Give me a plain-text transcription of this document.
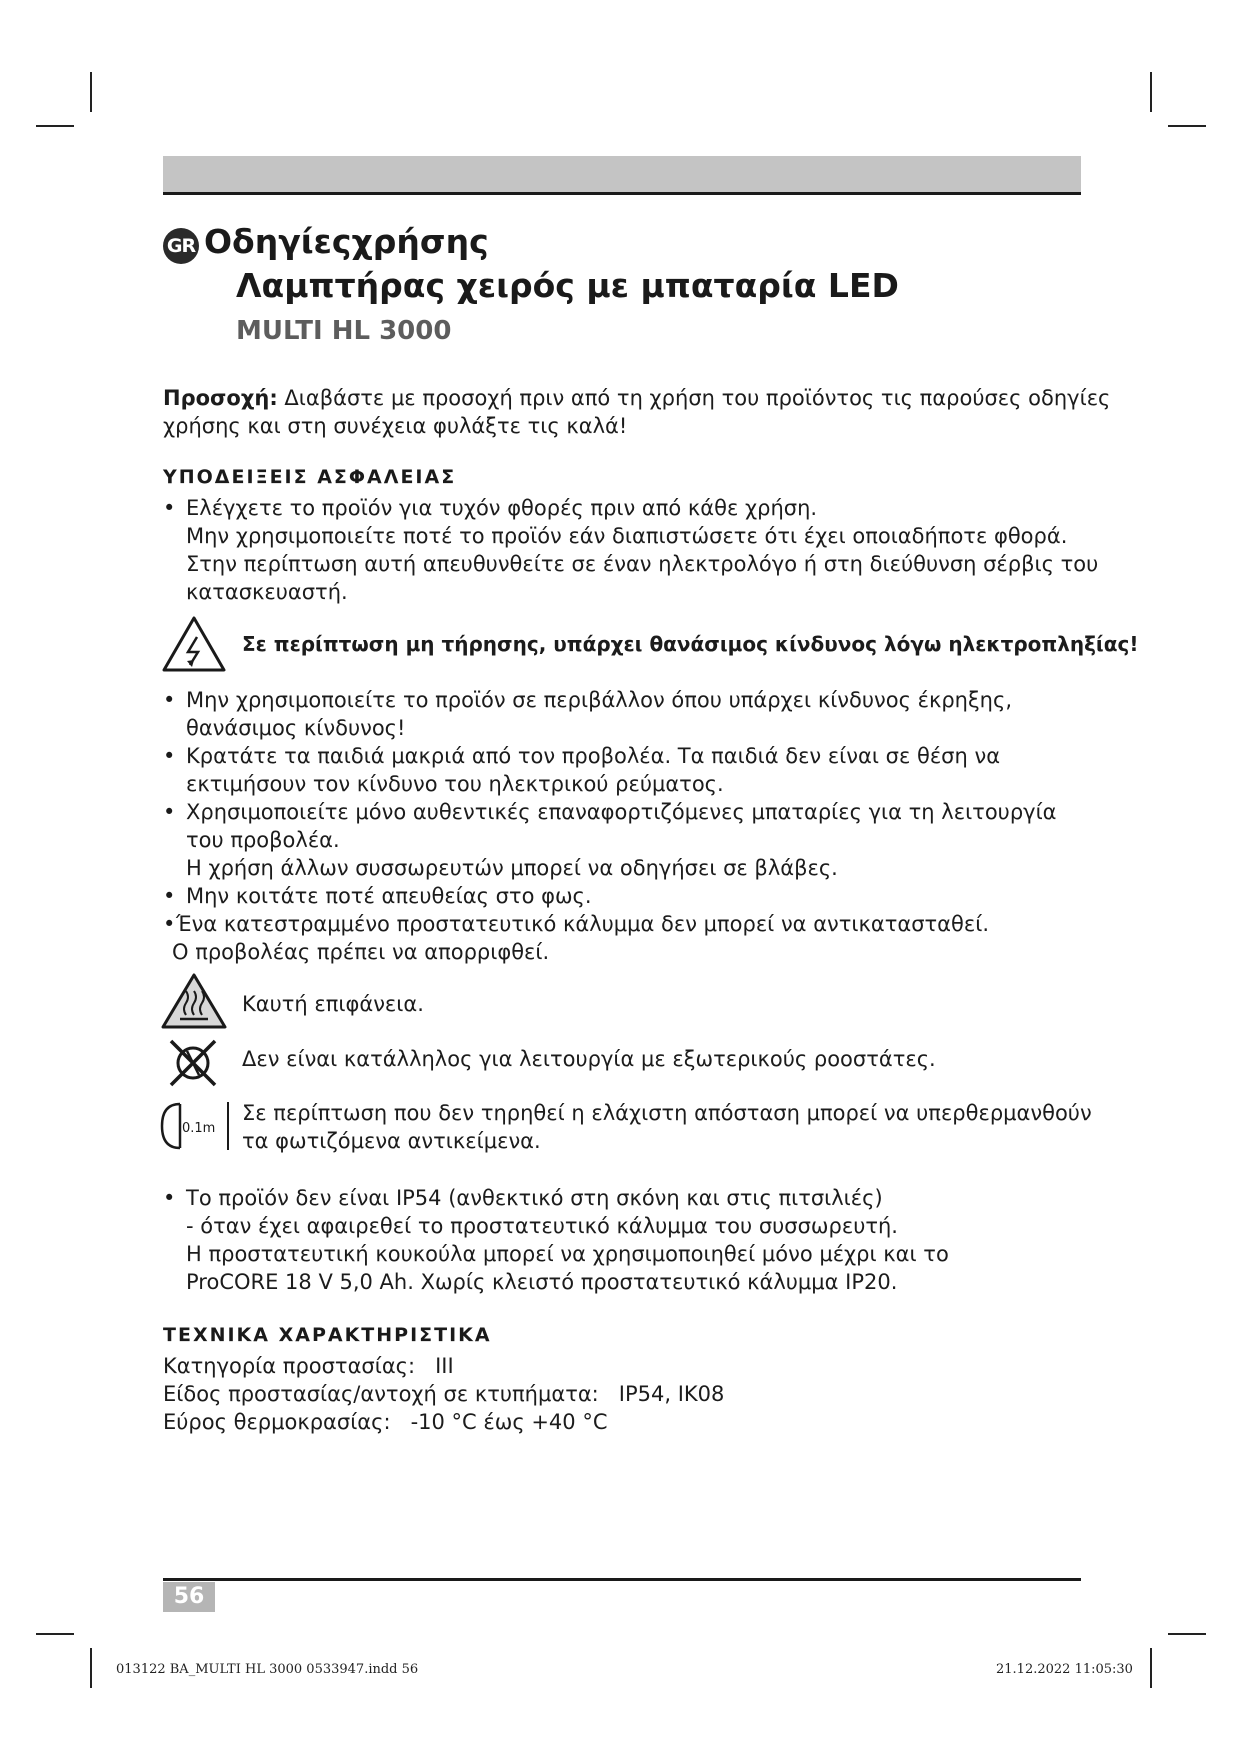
GR Οδηγίεςχρήσης
Λαμπτήρας χειρός με μπαταρία LED
MULTI HL 3000
Προσοχή: Διαβάστε με προσοχή πριν από τη χρήση του προϊόντος τις παρούσες οδηγίες
χρήσης και στη συνέχεια φυλάξτε τις καλά!
ΥΠΟΔΕΙΞΕΙΣ ΑΣΦΑΛΕΙΑΣ
• Ελέγχετε το προϊόν για τυχόν φθορές πριν από κάθε χρήση.
Μην χρησιμοποιείτε ποτέ το προϊόν εάν διαπιστώσετε ότι έχει οποιαδήποτε φθορά.
Στην περίπτωση αυτή απευθυνθείτε σε έναν ηλεκτρολόγο ή στη διεύθυνση σέρβις του
κατασκευαστή.
Σε περίπτωση μη τήρησης, υπάρχει θανάσιμος κίνδυνος λόγω ηλεκτροπληξίας!
• Μην χρησιμοποιείτε το προϊόν σε περιβάλλον όπου υπάρχει κίνδυνος έκρηξης,
θανάσιμος κίνδυνος!
• Κρατάτε τα παιδιά μακριά από τον προβολέα. Τα παιδιά δεν είναι σε θέση να
εκτιμήσουν τον κίνδυνο του ηλεκτρικού ρεύματος.
• Χρησιμοποιείτε μόνο αυθεντικές επαναφορτιζόμενες μπαταρίες για τη λειτουργία
του προβολέα.
Η χρήση άλλων συσσωρευτών μπορεί να οδηγήσει σε βλάβες.
• Μην κοιτάτε ποτέ απευθείας στο φως.
• Ένα κατεστραμμένο προστατευτικό κάλυμμα δεν μπορεί να αντικατασταθεί.
Ο προβολέας πρέπει να απορριφθεί.
Καυτή επιφάνεια.
Δεν είναι κατάλληλος για λειτουργία με εξωτερικούς ροοστάτες.
0.1m
Σε περίπτωση που δεν τηρηθεί η ελάχιστη απόσταση μπορεί να υπερθερμανθούν
τα φωτιζόμενα αντικείμενα.
• Το προϊόν δεν είναι IP54 (ανθεκτικό στη σκόνη και στις πιτσιλιές)
- όταν έχει αφαιρεθεί το προστατευτικό κάλυμμα του συσσωρευτή.
Η προστατευτική κουκούλα μπορεί να χρησιμοποιηθεί μόνο μέχρι και το
ProCORE 18 V 5,0 Ah. Χωρίς κλειστό προστατευτικό κάλυμμα IP20.
ΤΕΧΝΙΚΑ ΧΑΡΑΚΤΗΡΙΣΤΙΚΑ
Κατηγορία προστασίας: III
Είδος προστασίας/αντοχή σε κτυπήματα: IP54, IK08
Εύρος θερμοκρασίας: -10 °C έως +40 °C
56
013122 BA_MULTI HL 3000 0533947.indd 56	21.12.2022 11:05:30
